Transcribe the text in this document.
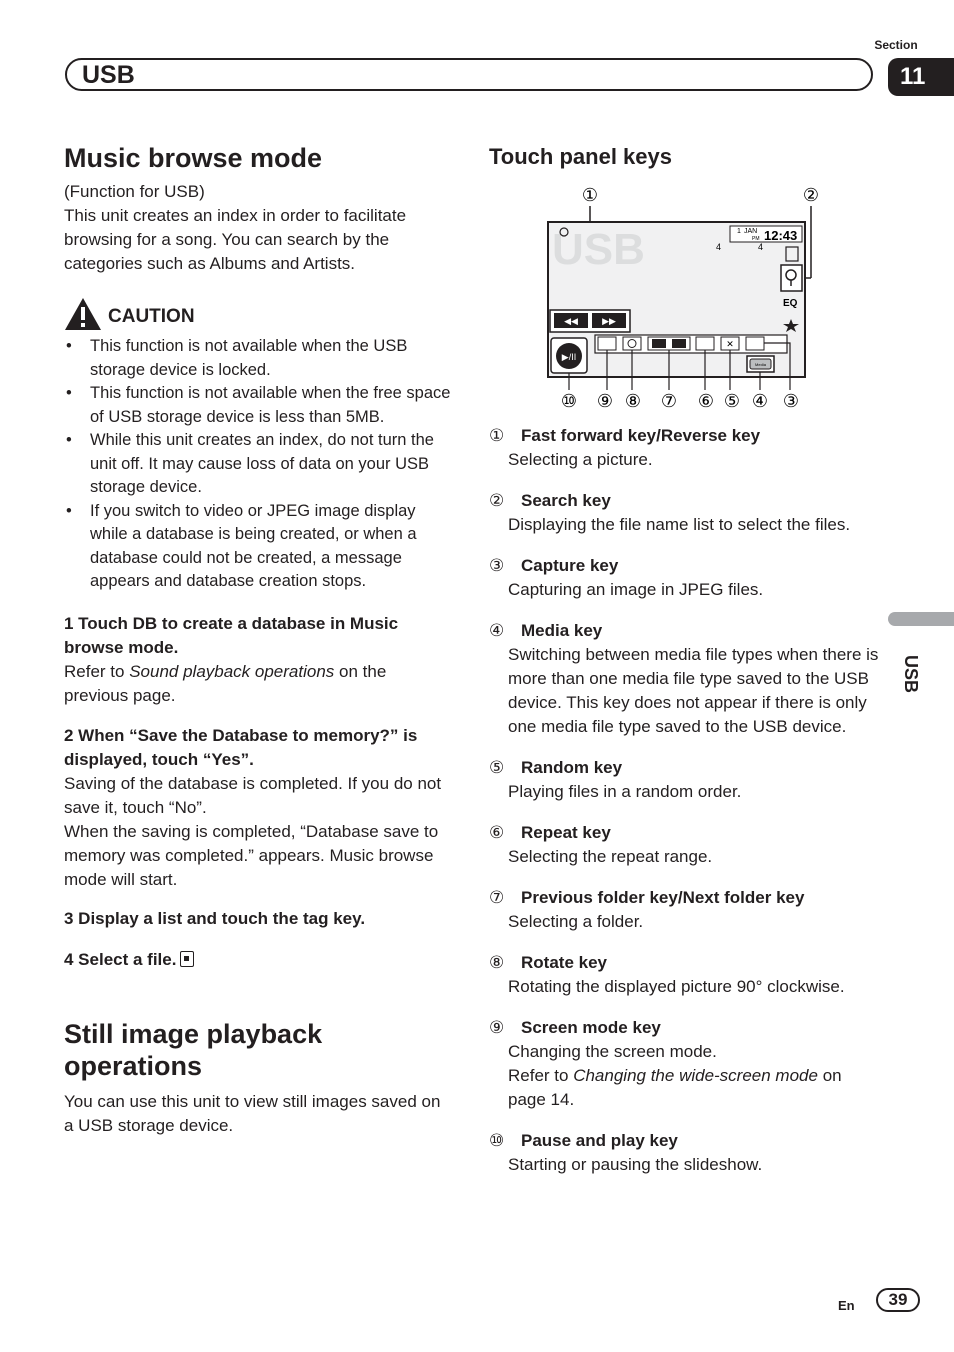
USB
Section
11
USB
Music browse mode
(Function for USB)
This unit creates an index in order to facilitate browsing for a song. You can search by the categories such as Albums and Artists.
CAUTION
• This function is not available when the USB storage device is locked.
• This function is not available when the free space of USB storage device is less than 5MB.
• While this unit creates an index, do not turn the unit off. It may cause loss of data on your USB storage device.
• If you switch to video or JPEG image display while a database is being created, or when a database could not be created, a message appears and database creation stops.
1 Touch DB to create a database in Music browse mode.
Refer to Sound playback operations on the previous page.
2 When “Save the Database to memory?” is displayed, touch “Yes”.
Saving of the database is completed. If you do not save it, touch “No”.
When the saving is completed, “Database save to memory was completed.” appears. Music browse mode will start.
3 Display a list and touch the tag key.
4 Select a file.
Still image playback operations
You can use this unit to view still images saved on a USB storage device.
Touch panel keys
①	②
USB	1 JAN
PM 12:43
4	4
EQ
◀◀	▶▶
▶/II
✕
Media
⑩ ⑨ ⑧ ⑦ ⑥ ⑤ ④ ③
① Fast forward key/Reverse key
Selecting a picture.
② Search key
Displaying the file name list to select the files.
③ Capture key
Capturing an image in JPEG files.
④ Media key
Switching between media file types when there is more than one media file type saved to the USB device. This key does not appear if there is only one media file type saved to the USB device.
⑤ Random key
Playing files in a random order.
⑥ Repeat key
Selecting the repeat range.
⑦ Previous folder key/Next folder key
Selecting a folder.
⑧ Rotate key
Rotating the displayed picture 90° clockwise.
⑨ Screen mode key
Changing the screen mode.
Refer to Changing the wide-screen mode on page 14.
⑩ Pause and play key
Starting or pausing the slideshow.
En	39
